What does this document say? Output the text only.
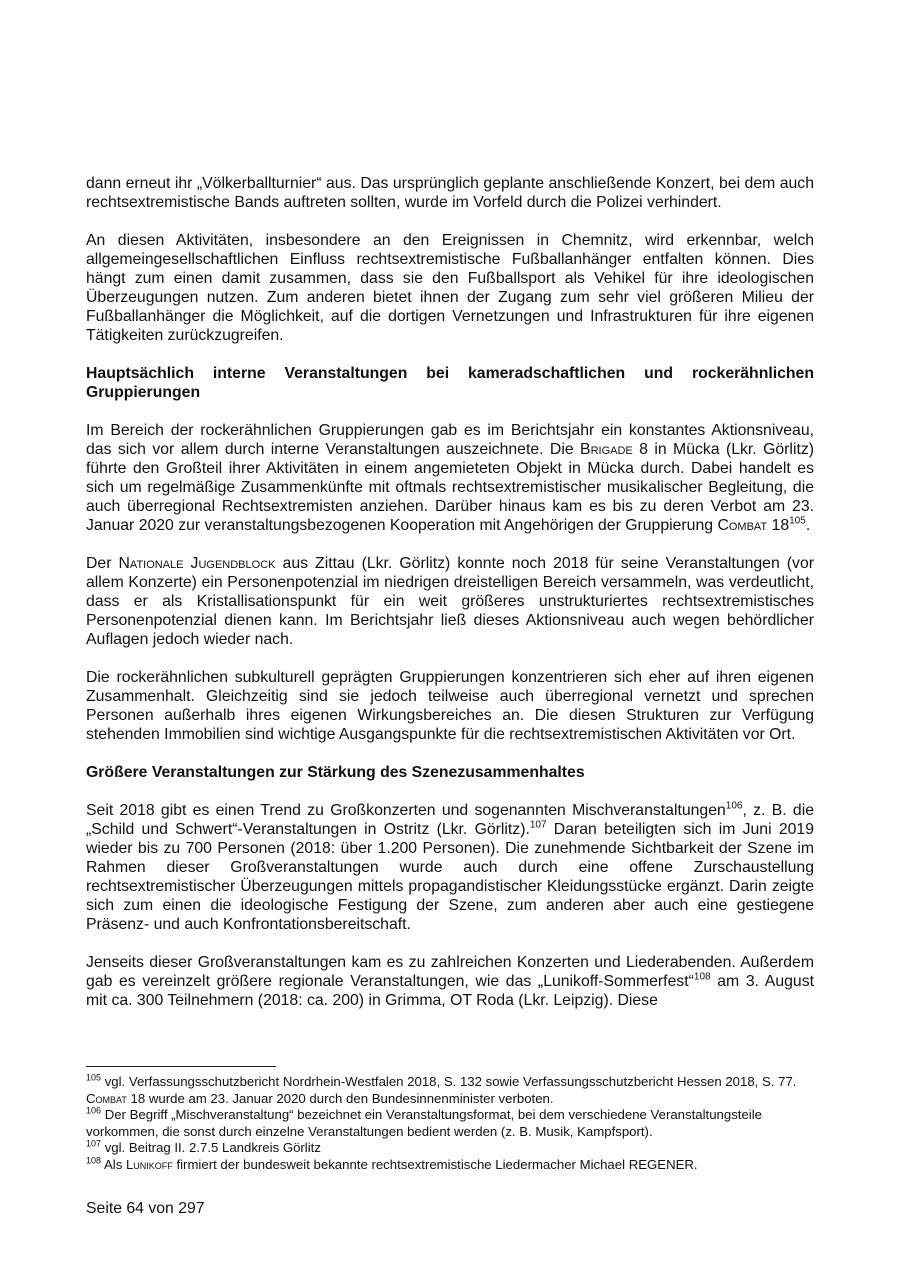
dann erneut ihr „Völkerballturnier“ aus. Das ursprünglich geplante anschließende Konzert, bei dem auch rechtsextremistische Bands auftreten sollten, wurde im Vorfeld durch die Polizei verhindert.

An diesen Aktivitäten, insbesondere an den Ereignissen in Chemnitz, wird erkennbar, welch allgemeingesellschaftlichen Einfluss rechtsextremistische Fußballanhänger entfalten können. Dies hängt zum einen damit zusammen, dass sie den Fußballsport als Vehikel für ihre ideologischen Überzeugungen nutzen. Zum anderen bietet ihnen der Zugang zum sehr viel größeren Milieu der Fußballanhänger die Möglichkeit, auf die dortigen Vernetzungen und Infrastrukturen für ihre eigenen Tätigkeiten zurückzugreifen.

Hauptsächlich interne Veranstaltungen bei kameradschaftlichen und rockerähnlichen Gruppierungen

Im Bereich der rockerähnlichen Gruppierungen gab es im Berichtsjahr ein konstantes Aktionsniveau, das sich vor allem durch interne Veranstaltungen auszeichnete. Die Brigade 8 in Mücka (Lkr. Görlitz) führte den Großteil ihrer Aktivitäten in einem angemieteten Objekt in Mücka durch. Dabei handelt es sich um regelmäßige Zusammenkünfte mit oftmals rechtsextremistischer musikalischer Begleitung, die auch überregional Rechtsextremisten anziehen. Darüber hinaus kam es bis zu deren Verbot am 23. Januar 2020 zur veranstaltungsbezogenen Kooperation mit Angehörigen der Gruppierung Combat $18^{105}$.

Der Nationale Jugendblock aus Zittau (Lkr. Görlitz) konnte noch 2018 für seine Veranstaltungen (vor allem Konzerte) ein Personenpotenzial im niedrigen dreistelligen Bereich versammeln, was verdeutlicht, dass er als Kristallisationspunkt für ein weit größeres unstrukturiertes rechtsextremistisches Personenpotenzial dienen kann. Im Berichtsjahr ließ dieses Aktionsniveau auch wegen behördlicher Auflagen jedoch wieder nach.

Die rockerähnlichen subkulturell geprägten Gruppierungen konzentrieren sich eher auf ihren eigenen Zusammenhalt. Gleichzeitig sind sie jedoch teilweise auch überregional vernetzt und sprechen Personen außerhalb ihres eigenen Wirkungsbereiches an. Die diesen Strukturen zur Verfügung stehenden Immobilien sind wichtige Ausgangspunkte für die rechtsextremistischen Aktivitäten vor Ort.

Größere Veranstaltungen zur Stärkung des Szenezusammenhaltes

Seit 2018 gibt es einen Trend zu Großkonzerten und sogenannten Mischveranstaltungen$^{106}$, z. B. die „Schild und Schwert“-Veranstaltungen in Ostritz (Lkr. Görlitz).$^{107}$ Daran beteiligten sich im Juni 2019 wieder bis zu 700 Personen (2018: über 1.200 Personen). Die zunehmende Sichtbarkeit der Szene im Rahmen dieser Großveranstaltungen wurde auch durch eine offene Zurschaustellung rechtsextremistischer Überzeugungen mittels propagandistischer Kleidungsstücke ergänzt. Darin zeigte sich zum einen die ideologische Festigung der Szene, zum anderen aber auch eine gestiegene Präsenz- und auch Konfrontationsbereitschaft.

Jenseits dieser Großveranstaltungen kam es zu zahlreichen Konzerten und Liederabenden. Außerdem gab es vereinzelt größere regionale Veranstaltungen, wie das „Lunikoff-Sommerfest“$^{108}$ am 3. August mit ca. 300 Teilnehmern (2018: ca. 200) in Grimma, OT Roda (Lkr. Leipzig). Diese

$^{105}$ vgl. Verfassungsschutzbericht Nordrhein-Westfalen 2018, S. 132 sowie Verfassungsschutzbericht Hessen 2018, S. 77. Combat 18 wurde am 23. Januar 2020 durch den Bundesinnenminister verboten.

$^{106}$ Der Begriff „Mischveranstaltung“ bezeichnet ein Veranstaltungsformat, bei dem verschiedene Veranstaltungsteile vorkommen, die sonst durch einzelne Veranstaltungen bedient werden (z. B. Musik, Kampfsport).

$^{107}$ vgl. Beitrag II. 2.7.5 Landkreis Görlitz

$^{108}$ Als Lunikoff firmiert der bundesweit bekannte rechtsextremistische Liedermacher Michael REGENER.

Seite 64 von 297
